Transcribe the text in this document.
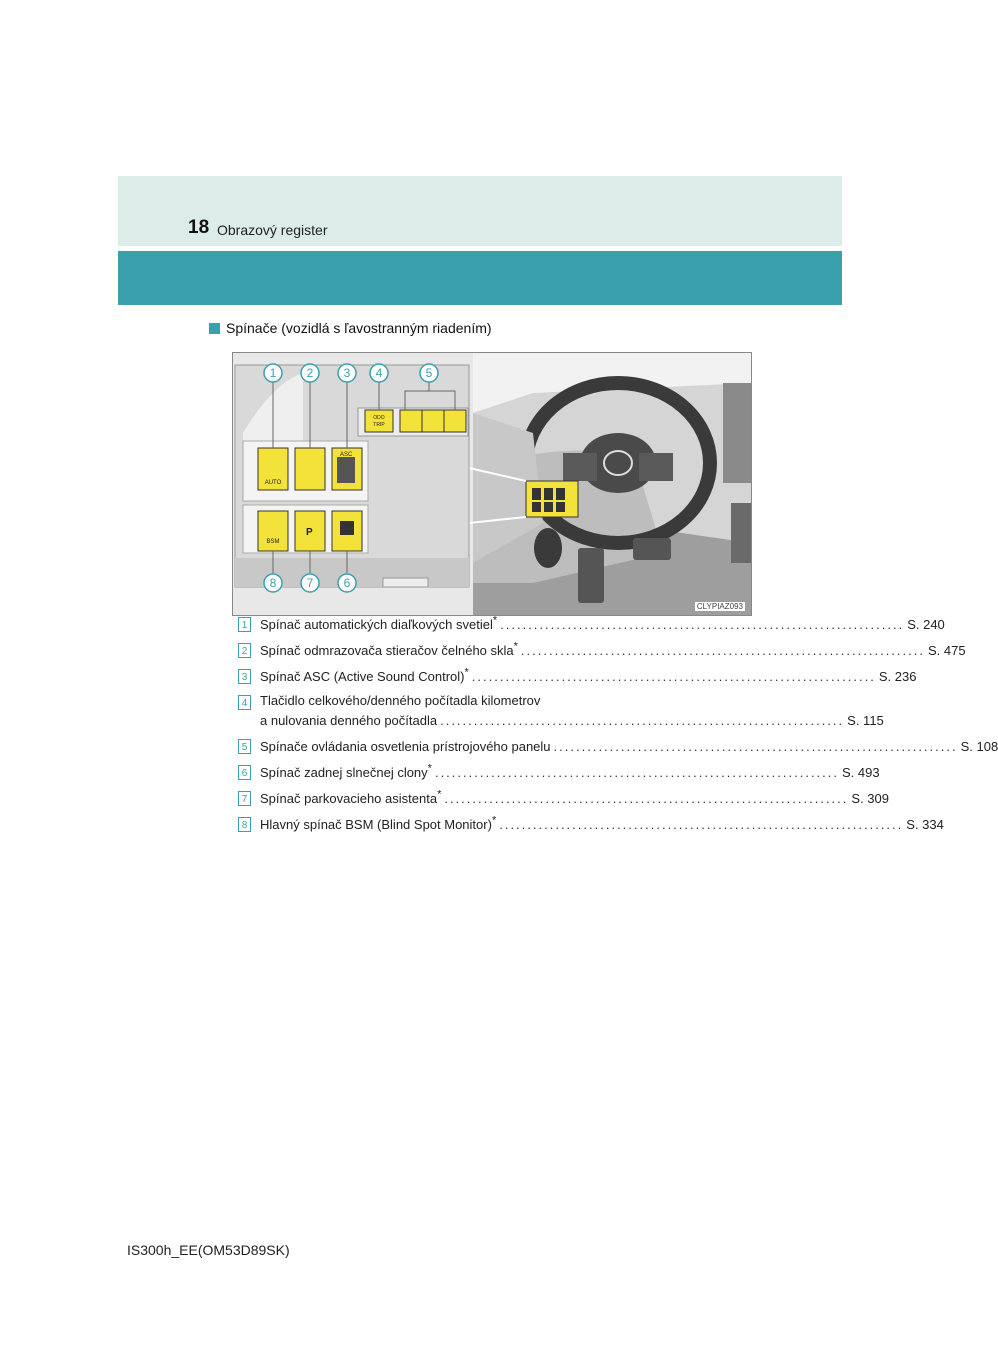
18 Obrazový register
Spínače (vozidlá s ľavostranným riadením)
AUTO
ASC
ODO
TRIP
BSM
P
1	2	3 4	5
8	7	6
CLYPIAZ093
1 Spínač automatických diaľkových svetiel* ........................................................................ S. 240
2 Spínač odmrazovača stieračov čelného skla* ........................................................................ S. 475
3 Spínač ASC (Active Sound Control)* ........................................................................ S. 236
4 Tlačidlo celkového/denného počítadla kilometrov
a nulovania denného počítadla ........................................................................ S. 115
5 Spínače ovládania osvetlenia prístrojového panelu ........................................................................ S. 108
6 Spínač zadnej slnečnej clony* ........................................................................ S. 493
7 Spínač parkovacieho asistenta* ........................................................................ S. 309
8 Hlavný spínač BSM (Blind Spot Monitor)* ........................................................................ S. 334
IS300h_EE(OM53D89SK)
